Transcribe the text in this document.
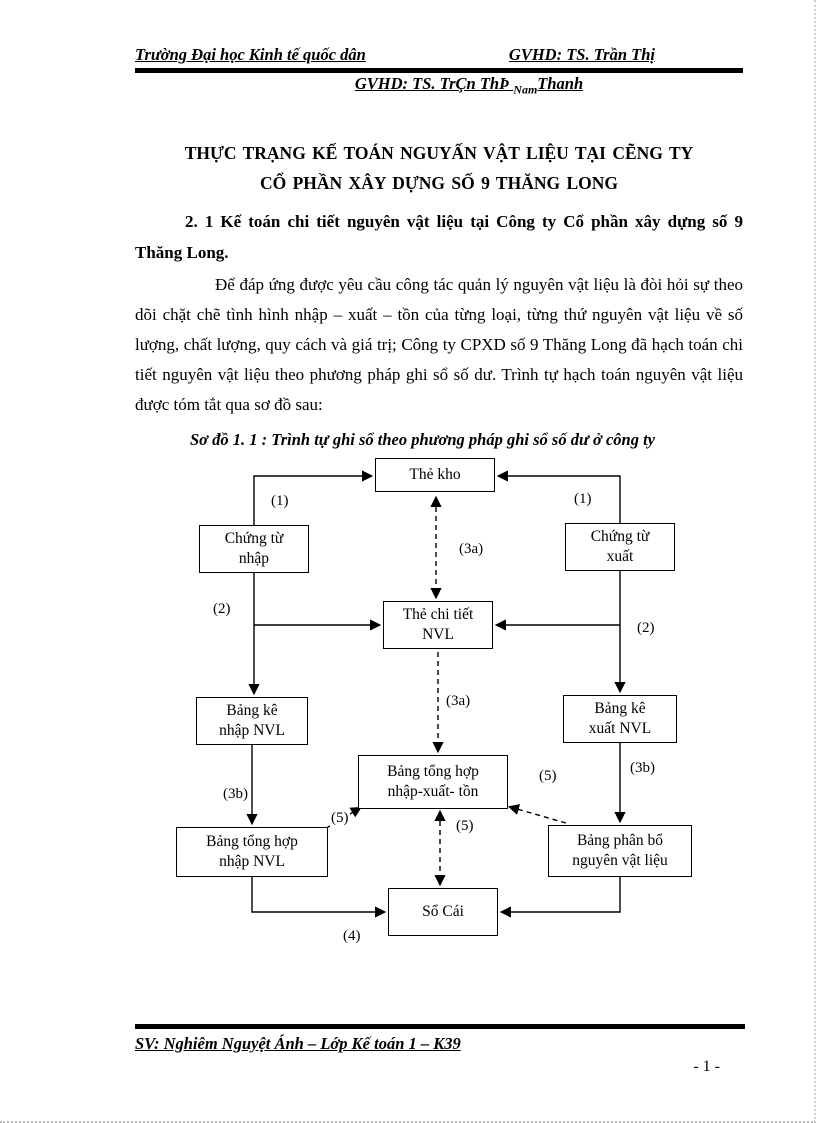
Trường Đại học Kinh tế quốc dân	GVHD: TS. Trần Thị
GVHD: TS. TrÇn ThÞ $_{Nam}$Thanh
THỰC TRẠNG KẾ TOÁN NGUYẤN VẬT LIỆU TẠI CẼNG TY
CỔ PHẦN XÂY DỰNG SỐ 9 THĂNG LONG

2. 1 Kế toán chi tiết nguyên vật liệu tại Công ty Cổ phần xây dựng số 9 Thăng Long.

Để đáp ứng được yêu cầu công tác quản lý nguyên vật liệu là đòi hỏi sự theo dõi chặt chẽ tình hình nhập – xuất – tồn của từng loại, từng thứ nguyên vật liệu về số lượng, chất lượng, quy cách và giá trị; Công ty CPXD số 9 Thăng Long đã hạch toán chi tiết nguyên vật liệu theo phương pháp ghi sổ số dư. Trình tự hạch toán nguyên vật liệu được tóm tắt qua sơ đồ sau:

Sơ đồ 1. 1 : Trình tự ghi sổ theo phương pháp ghi sổ số dư ở công ty

Thẻ kho
Chứng từ
nhập
Chứng từ
xuất
Thẻ chi tiết
NVL
Bảng kê
nhập NVL
Bảng kê
xuất NVL
Bảng tổng hợp
nhập-xuất- tồn
Bảng tổng hợp
nhập NVL
Bảng phân bổ
nguyên vật liệu
Sổ Cái
(1)	(1)
(3a)
(2)
(2)
(3a)
(3b)
(3b)
(5)
(5)	(5)
(4)
SV: Nghiêm Nguyệt Ánh – Lớp Kế toán 1 – K39
- 1 -
